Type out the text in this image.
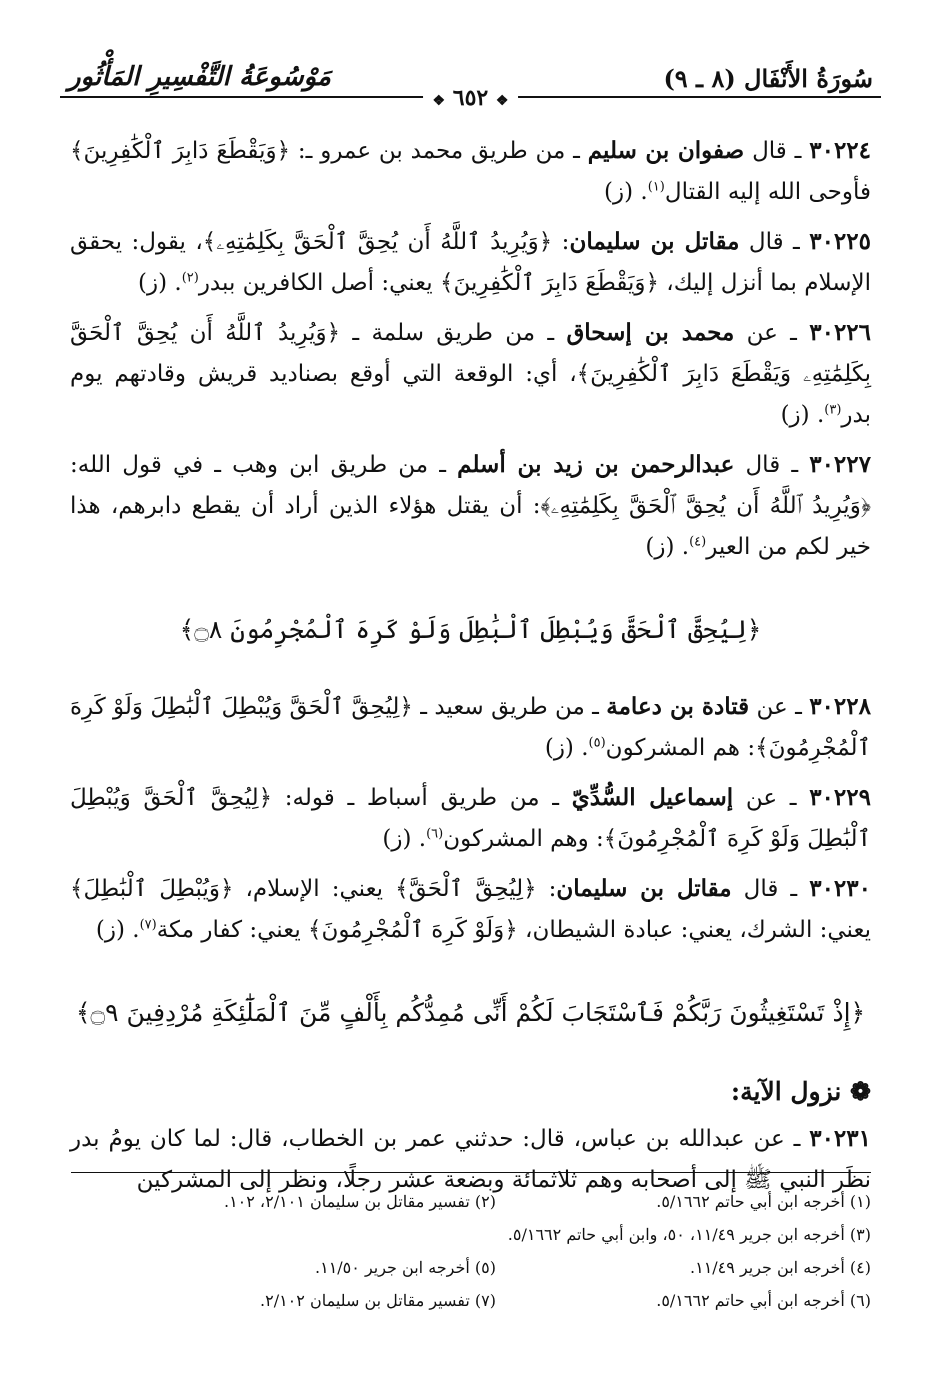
سُورَةُ الأَنْفَال (٨ ـ ٩)
مَوْسُوعَةُ التَّفْسِيرِ المَأْثُور
❖ ٦٥٢ ❖

٣٠٢٢٤ ـ قال صفوان بن سليم ـ من طريق محمد بن عمرو ـ: ﴿وَيَقْطَعَ دَابِرَ ٱلْكَٰفِرِينَ﴾ فأوحى الله إليه القتال$^{(١)}$. (ز)

٣٠٢٢٥ ـ قال مقاتل بن سليمان: ﴿وَيُرِيدُ ٱللَّهُ أَن يُحِقَّ ٱلْحَقَّ بِكَلِمَٰتِهِۦ﴾، يقول: يحقق الإسلام بما أنزل إليك، ﴿وَيَقْطَعَ دَابِرَ ٱلْكَٰفِرِينَ﴾ يعني: أصل الكافرين ببدر$^{(٢)}$. (ز)

٣٠٢٢٦ ـ عن محمد بن إسحاق ـ من طريق سلمة ـ ﴿وَيُرِيدُ ٱللَّهُ أَن يُحِقَّ ٱلْحَقَّ بِكَلِمَٰتِهِۦ وَيَقْطَعَ دَابِرَ ٱلْكَٰفِرِينَ﴾، أي: الوقعة التي أوقع بصناديد قريش وقادتهم يوم بدر$^{(٣)}$. (ز)

٣٠٢٢٧ ـ قال عبدالرحمن بن زيد بن أسلم ـ من طريق ابن وهب ـ في قول الله: ﴿وَيُرِيدُ ٱللَّهُ أَن يُحِقَّ ٱلْحَقَّ بِكَلِمَٰتِهِۦ﴾: أن يقتل هؤلاء الذين أراد أن يقطع دابرهم، هذا خير لكم من العير$^{(٤)}$. (ز)

﴿لِيُحِقَّ ٱلْحَقَّ وَيُبْطِلَ ٱلْبَٰطِلَ وَلَوْ كَرِهَ ٱلْمُجْرِمُونَ ۝٨﴾

٣٠٢٢٨ ـ عن قتادة بن دعامة ـ من طريق سعيد ـ ﴿لِيُحِقَّ ٱلْحَقَّ وَيُبْطِلَ ٱلْبَٰطِلَ وَلَوْ كَرِهَ ٱلْمُجْرِمُونَ﴾: هم المشركون$^{(٥)}$. (ز)

٣٠٢٢٩ ـ عن إسماعيل السُّدِّيّ ـ من طريق أسباط ـ قوله: ﴿لِيُحِقَّ ٱلْحَقَّ وَيُبْطِلَ ٱلْبَٰطِلَ وَلَوْ كَرِهَ ٱلْمُجْرِمُونَ﴾: وهم المشركون$^{(٦)}$. (ز)

٣٠٢٣٠ ـ قال مقاتل بن سليمان: ﴿لِيُحِقَّ ٱلْحَقَّ﴾ يعني: الإسلام، ﴿وَيُبْطِلَ ٱلْبَٰطِلَ﴾ يعني: الشرك، يعني: عبادة الشيطان، ﴿وَلَوْ كَرِهَ ٱلْمُجْرِمُونَ﴾ يعني: كفار مكة$^{(٧)}$. (ز)

﴿إِذْ تَسْتَغِيثُونَ رَبَّكُمْ فَٱسْتَجَابَ لَكُمْ أَنِّى مُمِدُّكُم بِأَلْفٍ مِّنَ ٱلْمَلَٰٓئِكَةِ مُرْدِفِينَ ۝٩﴾
❁ نزول الآية:

٣٠٢٣١ ـ عن عبدالله بن عباس، قال: حدثني عمر بن الخطاب، قال: لما كان يومُ بدر نظَر النبي ﷺ إلى أصحابه وهم ثلاثمائة وبضعة عشر رجلًا، ونظر إلى المشركين

(١) أخرجه ابن أبي حاتم ٥/١٦٦٢.
(٢) تفسير مقاتل بن سليمان ٢/١٠١، ١٠٢.
(٣) أخرجه ابن جرير ١١/٤٩، ٥٠، وابن أبي حاتم ٥/١٦٦٢.
(٤) أخرجه ابن جرير ١١/٤٩.
(٥) أخرجه ابن جرير ١١/٥٠.
(٦) أخرجه ابن أبي حاتم ٥/١٦٦٢.
(٧) تفسير مقاتل بن سليمان ٢/١٠٢.
